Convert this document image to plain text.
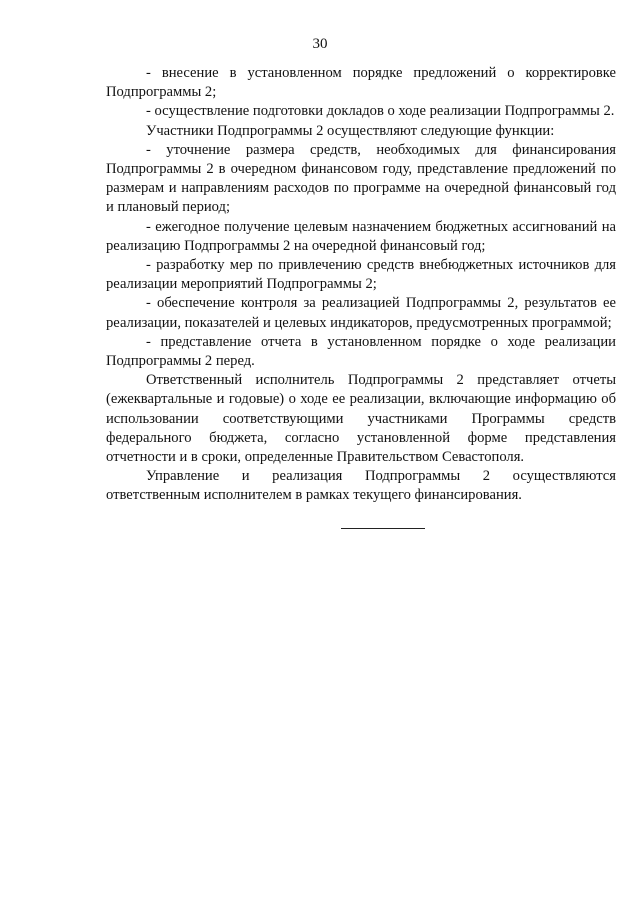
30

- внесение в установленном порядке предложений о корректировке Подпрограммы 2;

- осуществление подготовки докладов о ходе реализации Подпрограммы 2.

Участники Подпрограммы 2 осуществляют следующие функции:

- уточнение размера средств, необходимых для финансирования Подпрограммы 2 в очередном финансовом году, представление предложений по размерам и направлениям расходов по программе на очередной финансовый год и плановый период;

- ежегодное получение целевым назначением бюджетных ассигнований на реализацию Подпрограммы 2 на очередной финансовый год;

- разработку мер по привлечению средств внебюджетных источников для реализации мероприятий Подпрограммы 2;

- обеспечение контроля за реализацией Подпрограммы 2, результатов ее реализации, показателей и целевых индикаторов, предусмотренных программой;

- представление отчета в установленном порядке о ходе реализации Подпрограммы 2 перед.

Ответственный исполнитель Подпрограммы 2 представляет отчеты (ежеквартальные и годовые) о ходе ее реализации, включающие информацию об использовании соответствующими участниками Программы средств федерального бюджета, согласно установленной форме представления отчетности и в сроки, определенные Правительством Севастополя.

Управление и реализация Подпрограммы 2 осуществляются ответственным исполнителем в рамках текущего финансирования.
